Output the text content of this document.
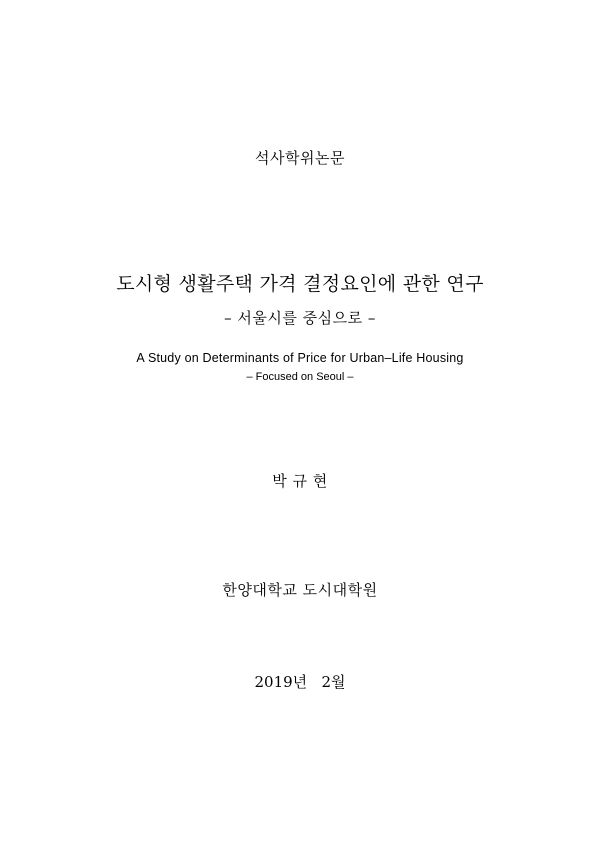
석사학위논문
도시형 생활주택 가격 결정요인에 관한 연구
– 서울시를 중심으로 –
A Study on Determinants of Price for Urban–Life Housing
– Focused on Seoul –
박 규 현
한양대학교 도시대학원
2019년   2월
